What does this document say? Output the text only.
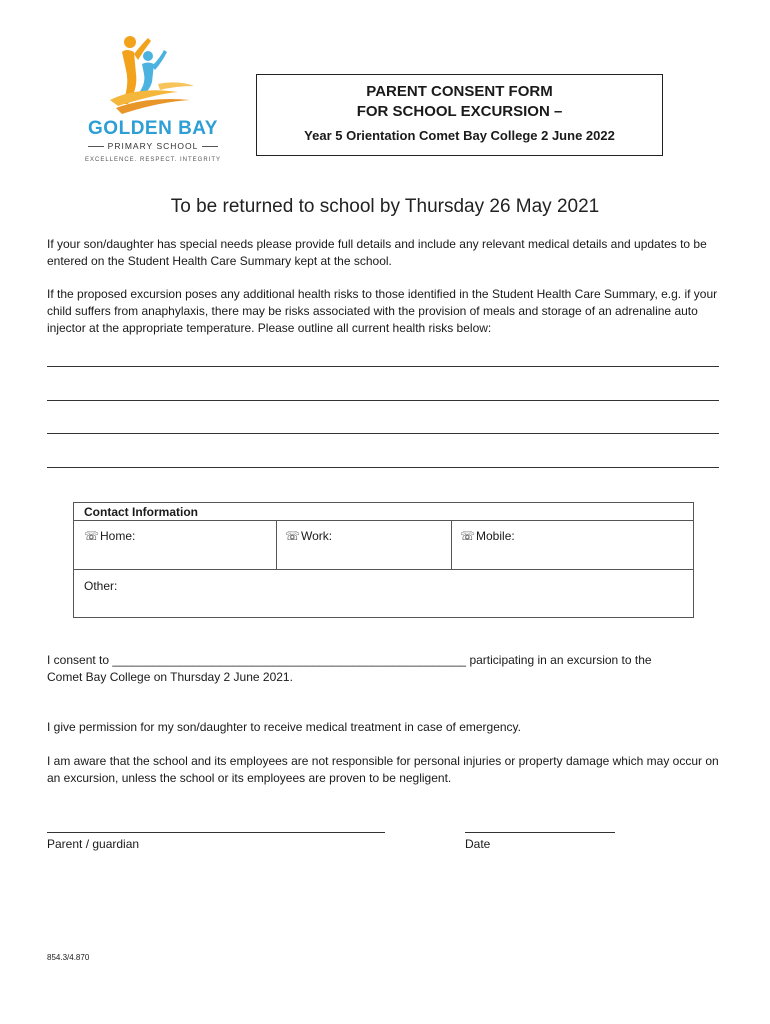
GOLDEN BAY
PRIMARY SCHOOL
EXCELLENCE. RESPECT. INTEGRITY
PARENT CONSENT FORM
FOR SCHOOL EXCURSION –
Year 5 Orientation Comet Bay College 2 June 2022
To be returned to school by Thursday 26 May 2021
If your son/daughter has special needs please provide full details and include any relevant medical details and updates to be entered on the Student Health Care Summary kept at the school.
If the proposed excursion poses any additional health risks to those identified in the Student Health Care Summary, e.g. if your child suffers from anaphylaxis, there may be risks associated with the provision of meals and storage of an adrenaline auto injector at the appropriate temperature. Please outline all current health risks below:
Contact Information
☏Home:	☏Work:	☏Mobile:
Other:
I consent to _____________________________________________________ participating in an excursion to the
Comet Bay College on Thursday 2 June 2021.
I give permission for my son/daughter to receive medical treatment in case of emergency.
I am aware that the school and its employees are not responsible for personal injuries or property damage which may occur on an excursion, unless the school or its employees are proven to be negligent.
Parent / guardian	Date
854.3/4.870
